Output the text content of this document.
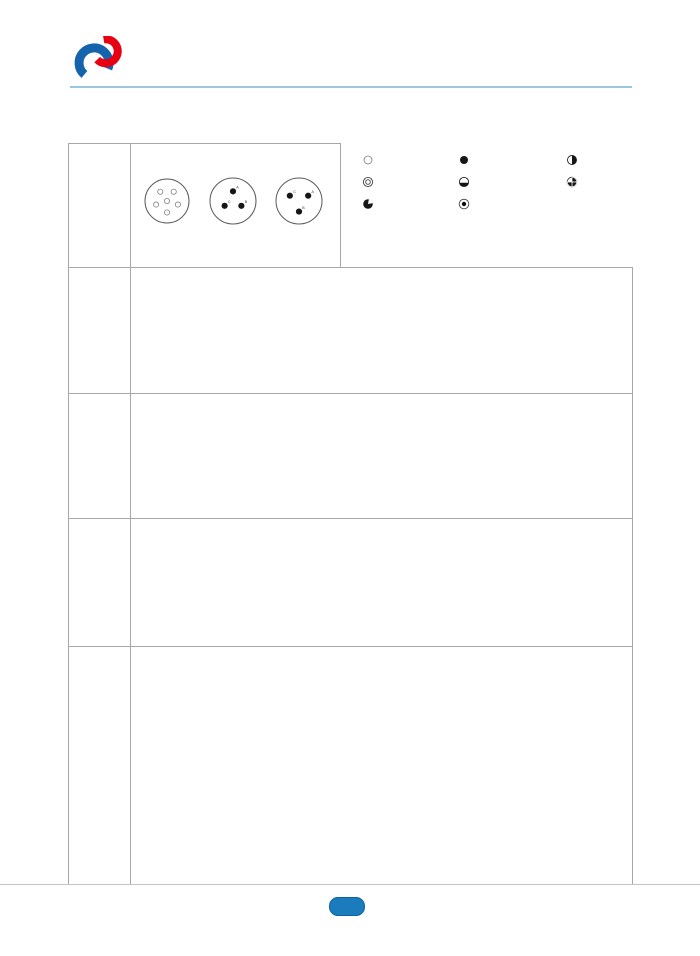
A
B
C
A
B
C
